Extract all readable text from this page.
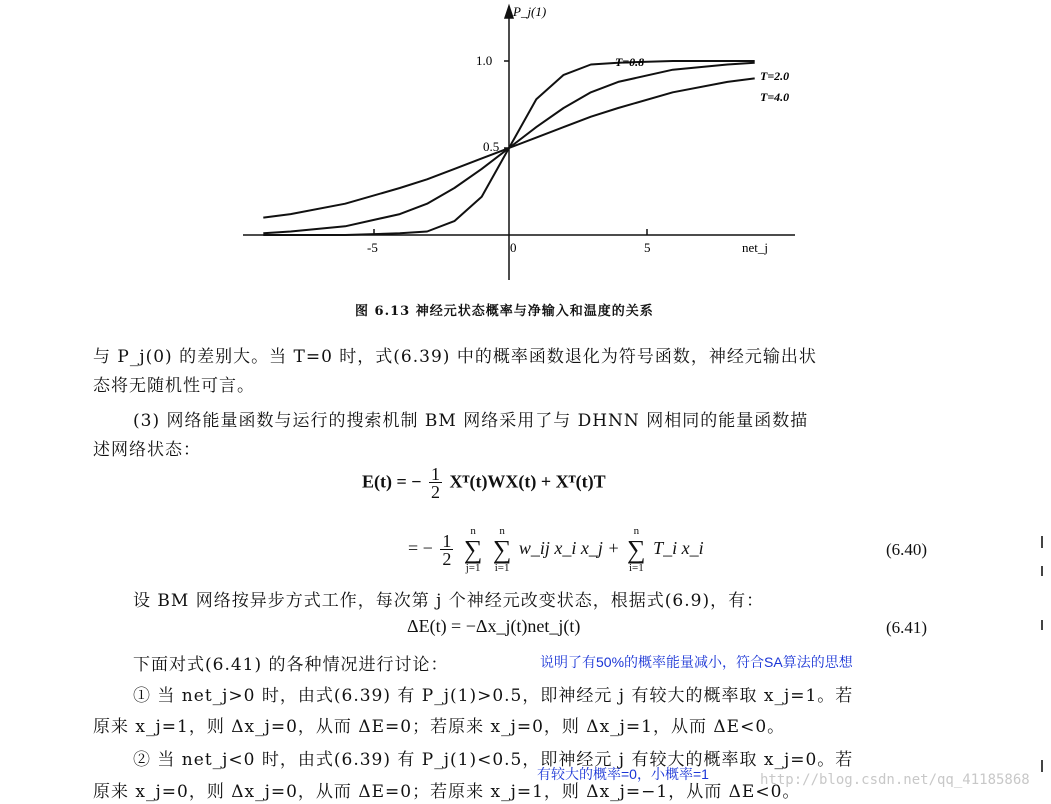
P_j(1)
net_j
1.0
0.5
-5	0	5
T=0.8
T=2.0
T=4.0
图 6.13 神经元状态概率与净输入和温度的关系
与 P_j(0) 的差别大。当 T=0 时，式(6.39) 中的概率函数退化为符号函数，神经元输出状
态将无随机性可言。
(3) 网络能量函数与运行的搜索机制 BM 网络采用了与 DHNN 网相同的能量函数描
述网络状态：
E(t) = − $\frac{1}{2}$ Xᵀ(t)WX(t) + Xᵀ(t)T
= − $\frac{1}{2}$
n
∑
j=1 n
∑
i=1 w_ij x_i x_j + n
∑
i=1 T_i x_i	(6.40)
设 BM 网络按异步方式工作，每次第 j 个神经元改变状态，根据式(6.9)，有：
ΔE(t) = −Δx_j(t)net_j(t)	(6.41)
下面对式(6.41) 的各种情况进行讨论：	说明了有50%的概率能量减小，符合SA算法的思想
① 当 net_j>0 时，由式(6.39) 有 P_j(1)>0.5，即神经元 j 有较大的概率取 x_j=1。若
原来 x_j=1，则 Δx_j=0，从而 ΔE=0；若原来 x_j=0，则 Δx_j=1，从而 ΔE<0。
② 当 net_j<0 时，由式(6.39) 有 P_j(1)<0.5，即神经元 j 有较大的概率取 x_j=0。若
原来 x_j=0，则 Δx_j=0，从而 ΔE=0；若原来 x_j=1，则 Δx_j=−1，从而 ΔE<0。
有较大的概率=0，小概率=1	http://blog.csdn.net/qq_41185868
